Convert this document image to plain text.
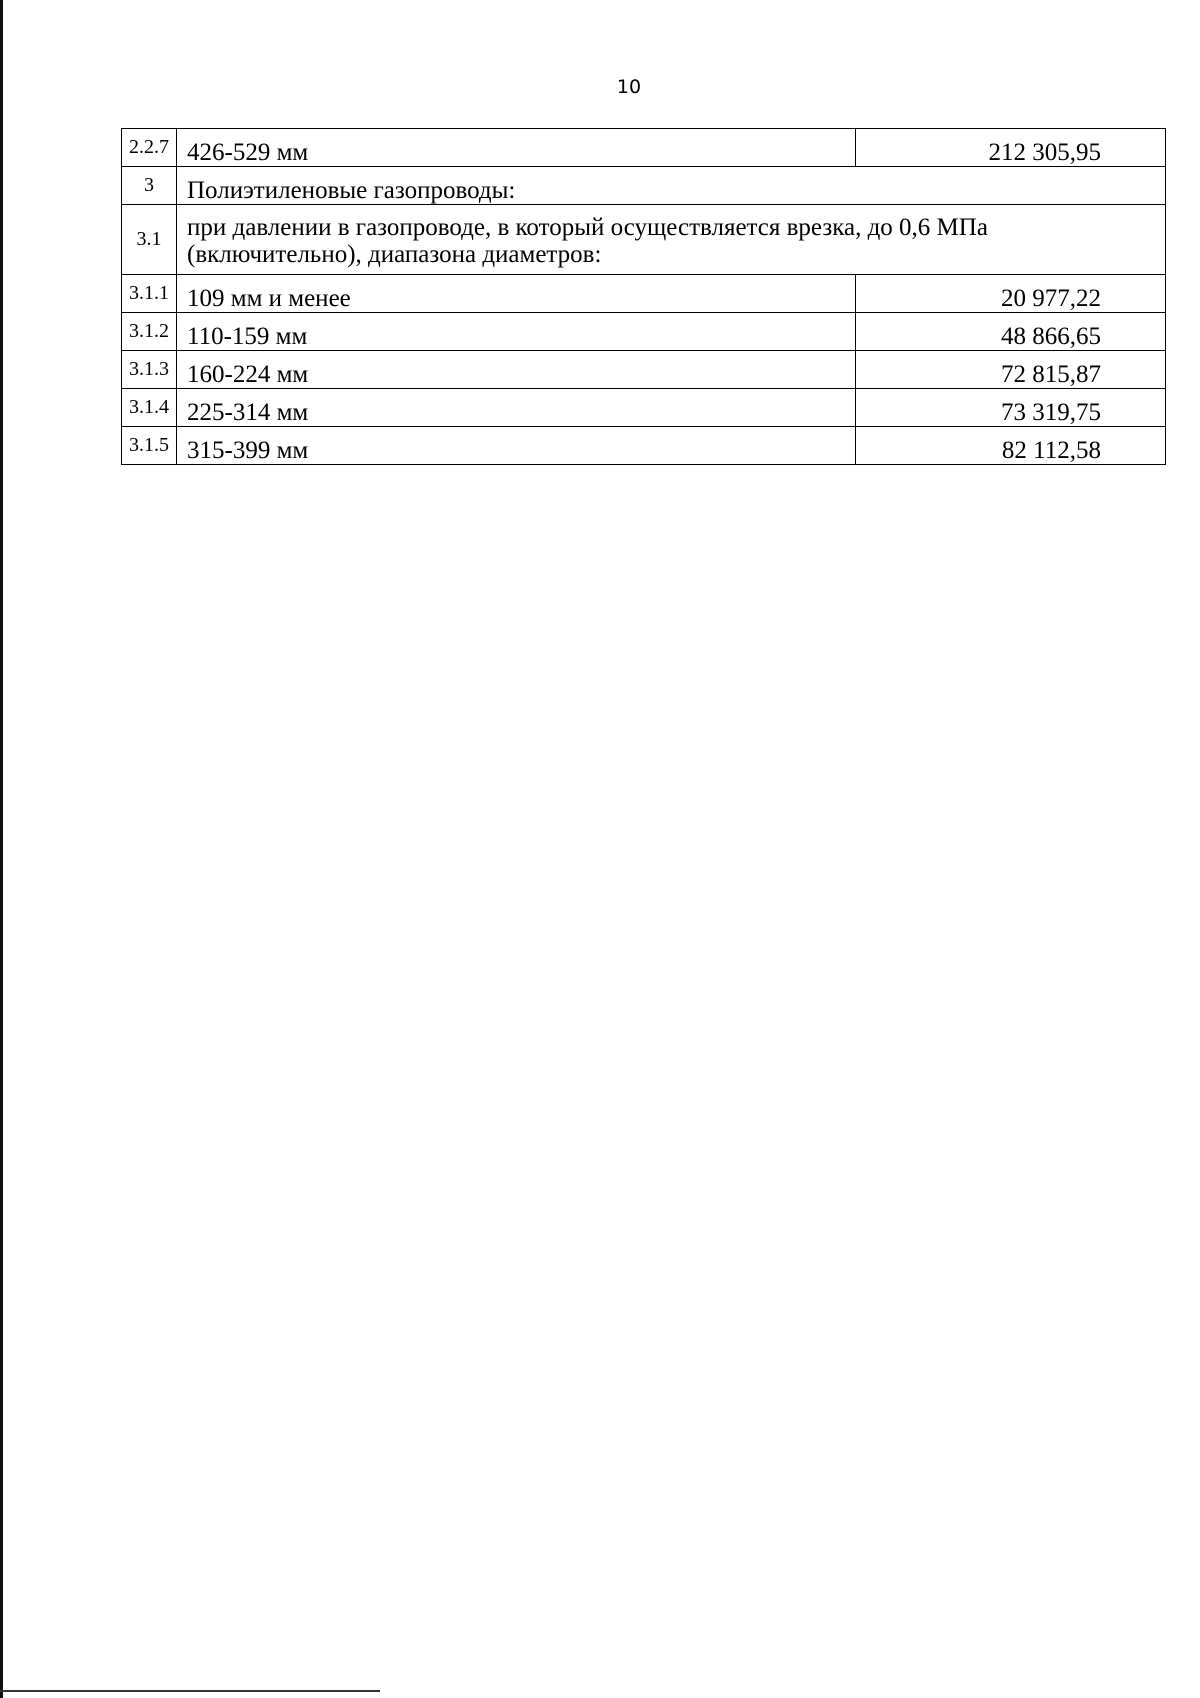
10
2.2.7	426-529 мм	212 305,95
3	Полиэтиленовые газопроводы:	
3.1	при давлении в газопроводе, в который осуществляется врезка, до 0,6 МПа (включительно), диапазона диаметров:	
3.1.1	109 мм и менее	20 977,22
3.1.2	110-159 мм	48 866,65
3.1.3	160-224 мм	72 815,87
3.1.4	225-314 мм	73 319,75
3.1.5	315-399 мм	82 112,58
